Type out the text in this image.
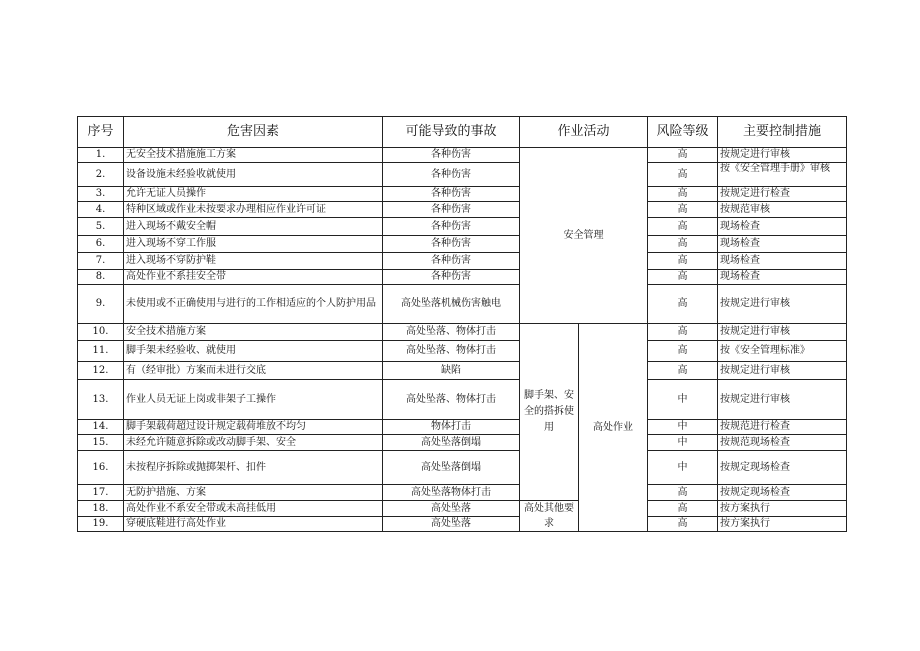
序号	危害因素	可能导致的事故	作业活动		风险等级	主要控制措施
1.	无安全技术措施施工方案	各种伤害	安全管理		高	按规定进行审核
2.	设备设施未经验收就使用	各种伤害			高	按《安全管理手册》审核
3.	允许无证人员操作	各种伤害			高	按规定进行检查
4.	特种区域或作业未按要求办理相应作业许可证	各种伤害			高	按规范审核
5.	进入现场不戴安全帽	各种伤害			高	现场检查
6.	进入现场不穿工作服	各种伤害			高	现场检查
7.	进入现场不穿防护鞋	各种伤害			高	现场检查
8.	高处作业不系挂安全带	各种伤害			高	现场检查
9.	未使用或不正确使用与进行的工作相适应的个人防护用品	高处坠落机械伤害触电			高	按规定进行审核
10.	安全技术措施方案	高处坠落、物体打击	脚手架、安全的搭拆使用	高处作业	高	按规定进行审核
11.	脚手架未经验收、就使用	高处坠落、物体打击			高	按《安全管理标准》
12.	有（经审批）方案而未进行交底	缺陷			高	按规定进行审核
13.	作业人员无证上岗或非架子工操作	高处坠落、物体打击			中	按规定进行审核
14.	脚手架载荷超过设计规定载荷堆放不均匀	物体打击			中	按规范进行检查
15.	未经允许随意拆除或改动脚手架、安全	高处坠落倒塌			中	按规范现场检查
16.	未按程序拆除或抛掷架杆、扣件	高处坠落倒塌			中	按规定现场检查
17.	无防护措施、方案	高处坠落物体打击			高	按规定现场检查
18.	高处作业不系安全带或未高挂低用	高处坠落	高处其他要求		高	按方案执行
19.	穿硬底鞋进行高处作业	高处坠落			高	按方案执行
